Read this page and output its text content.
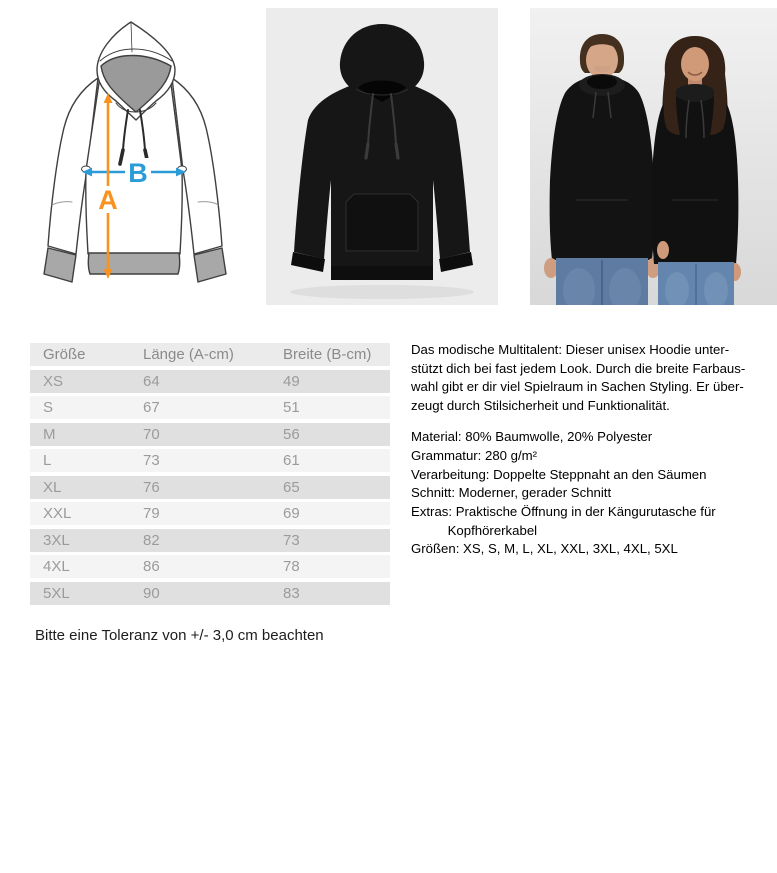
B
A
Größe	Länge (A-cm)	Breite (B-cm)
XS	64	49
S	67	51
M	70	56
L	73	61
XL	76	65
XXL	79	69
3XL	82	73
4XL	86	78
5XL	90	83
Bitte eine Toleranz von +/- 3,0 cm beachten
Das modische Multitalent: Dieser unisex Hoodie unter-
stützt dich bei fast jedem Look. Durch die breite Farbaus-
wahl gibt er dir viel Spielraum in Sachen Styling. Er über-
zeugt durch Stilsicherheit und Funktionalität.
Material: 80% Baumwolle, 20% Polyester
Grammatur: 280 g/m²
Verarbeitung: Doppelte Steppnaht an den Säumen
Schnitt: Moderner, gerader Schnitt
Extras: Praktische Öffnung in der Kängurutasche für
Kopfhörerkabel
Größen: XS, S, M, L, XL, XXL, 3XL, 4XL, 5XL
